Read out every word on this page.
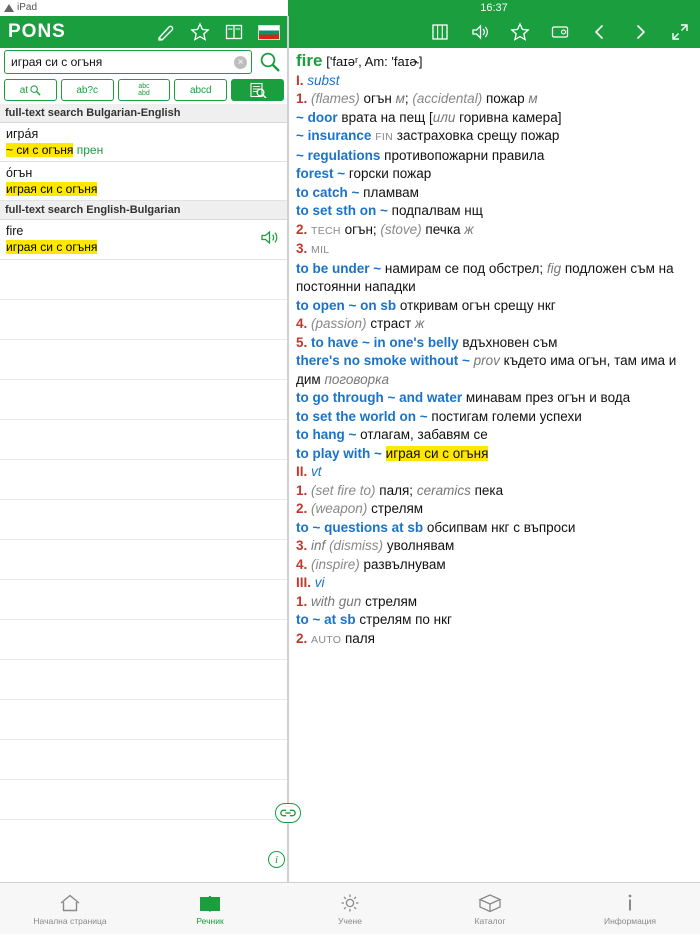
iPad	16:37
PONS
играя си с огъня
×
at	ab?c	abc
abd	abcd
full-text search Bulgarian-English
игра́я
~ си с огъня прен
о́гън
играя си с огъня
full-text search English-Bulgarian
fire
играя си с огъня
i

fire ['faɪəʳ, Am: 'faɪɚ]

I. subst

1. (flames) огън м; (accidental) пожар м

~ door врата на пещ [или горивна камера]

~ insurance FIN застраховка срещу пожар

~ regulations противопожарни правила

forest ~ горски пожар

to catch ~ пламвам

to set sth on ~ подпалвам нщ

2. TECH огън; (stove) печка ж

3. MIL

to be under ~ намирам се под обстрел; fig подложен съм на постоянни нападки

to open ~ on sb откривам огън срещу нкг

4. (passion) страст ж

5. to have ~ in one's belly вдъхновен съм

there's no smoke without ~ prov където има огън, там има и дим поговорка

to go through ~ and water минавам през огън и вода

to set the world on ~ постигам големи успехи

to hang ~ отлагам, забавям се

to play with ~ играя си с огъня

II. vt

1. (set fire to) паля; ceramics пека

2. (weapon) стрелям

to ~ questions at sb обсипвам нкг с въпроси

3. inf (dismiss) уволнявам

4. (inspire) развълнувам

III. vi

1. with gun стрелям

to ~ at sb стрелям по нкг

2. AUTO паля

Начална страница	Речник	Учене	Каталог	Информация
